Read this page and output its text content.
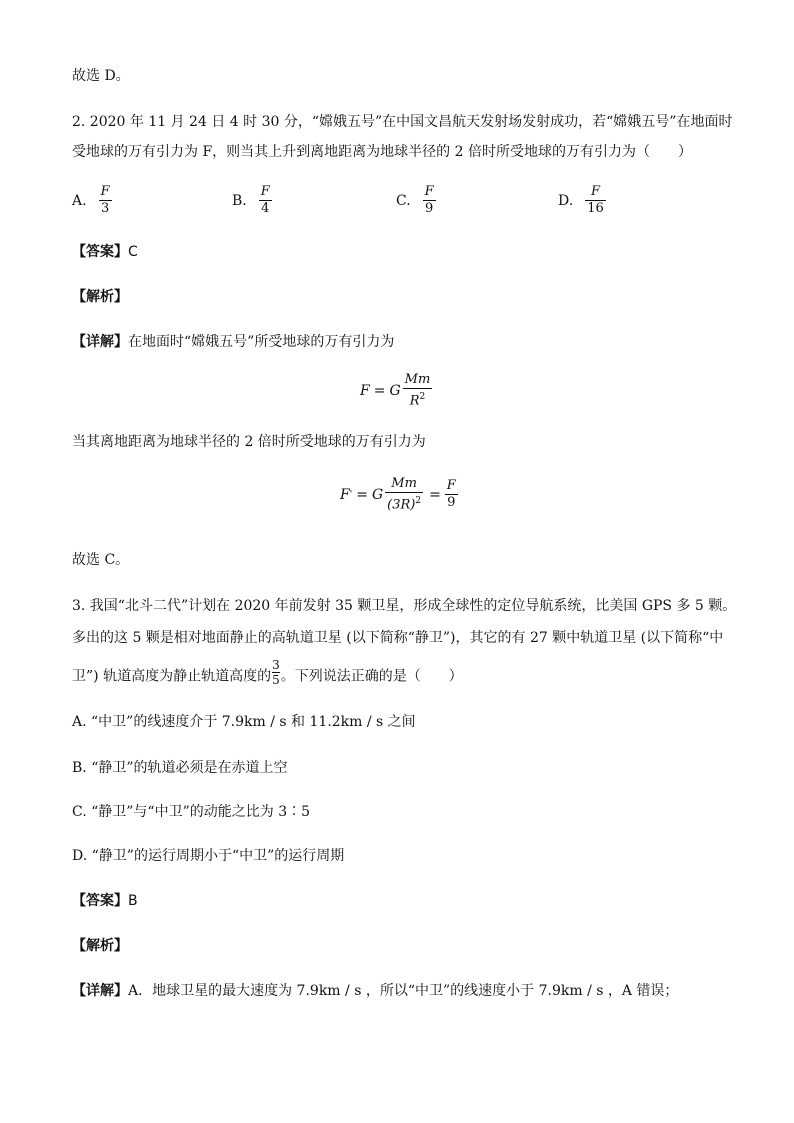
故选 D。
2. 2020 年 11 月 24 日 4 时 30 分，“嫦娥五号”在中国文昌航天发射场发射成功，若“嫦娥五号”在地面时
受地球的万有引力为 F，则当其上升到离地距离为地球半径的 2 倍时所受地球的万有引力为（　　）
A. $\frac{F}{3}$	B. $\frac{F}{4}$	C. $\frac{F}{9}$	D. $\frac{F}{16}$
【答案】C
【解析】
【详解】在地面时“嫦娥五号”所受地球的万有引力为
F = G $\frac{Mm}{R^2}$
当其离地距离为地球半径的 2 倍时所受地球的万有引力为
F ' = G $\frac{Mm}{(3R)^2} = \frac{F}{9}$
故选 C。
3. 我国“北斗二代”计划在 2020 年前发射 35 颗卫星，形成全球性的定位导航系统，比美国 GPS 多 5 颗。
多出的这 5 颗是相对地面静止的高轨道卫星 (以下简称“静卫”)，其它的有 27 颗中轨道卫星 (以下简称“中
卫”) 轨道高度为静止轨道高度的 $\frac{3}{5}$ 。下列说法正确的是（　　）
A. “中卫”的线速度介于 7.9km / s 和 11.2km / s 之间
B. “静卫”的轨道必须是在赤道上空
C. “静卫”与“中卫”的动能之比为 3∶5
D. “静卫”的运行周期小于“中卫”的运行周期
【答案】B
【解析】
【详解】A．地球卫星的最大速度为 7.9km / s ，所以“中卫”的线速度小于 7.9km / s ，A 错误；
